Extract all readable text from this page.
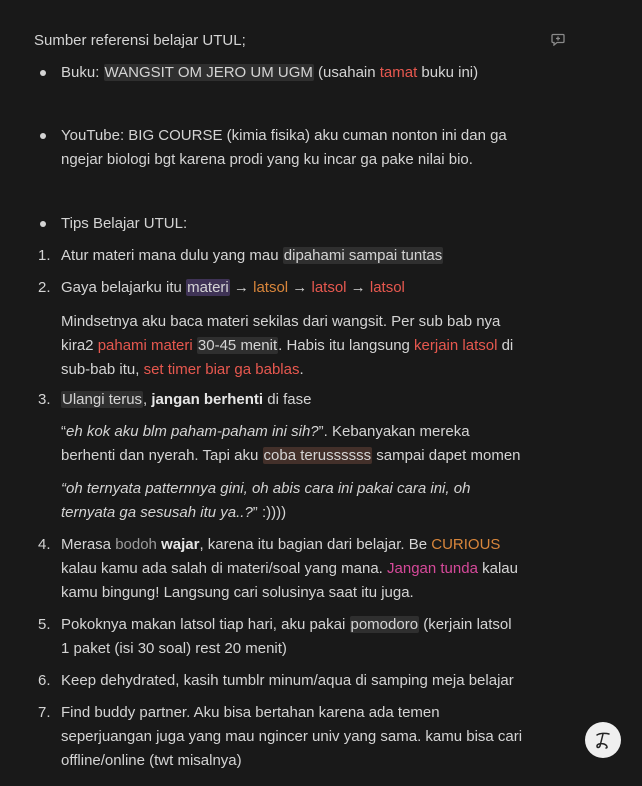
Sumber referensi belajar UTUL;
Buku: WANGSIT OM JERO UM UGM (usahain tamat buku ini)
YouTube: BIG COURSE (kimia fisika) aku cuman nonton ini dan ga
ngejar biologi bgt karena prodi yang ku incar ga pake nilai bio.
Tips Belajar UTUL:
1. Atur materi mana dulu yang mau dipahami sampai tuntas
2. Gaya belajarku itu materi → latsol → latsol → latsol
Mindsetnya aku baca materi sekilas dari wangsit. Per sub bab nya
kira2 pahami materi 30-45 menit. Habis itu langsung kerjain latsol di
sub-bab itu, set timer biar ga bablas.
3. Ulangi terus, jangan berhenti di fase
“eh kok aku blm paham-paham ini sih?”. Kebanyakan mereka
berhenti dan nyerah. Tapi aku coba terussssss sampai dapet momen
“oh ternyata patternnya gini, oh abis cara ini pakai cara ini, oh
ternyata ga sesusah itu ya..?” :))))
4. Merasa bodoh wajar, karena itu bagian dari belajar. Be CURIOUS
kalau kamu ada salah di materi/soal yang mana. Jangan tunda kalau
kamu bingung! Langsung cari solusinya saat itu juga.
5. Pokoknya makan latsol tiap hari, aku pakai pomodoro (kerjain latsol
1 paket (isi 30 soal) rest 20 menit)
6. Keep dehydrated, kasih tumblr minum/aqua di samping meja belajar
7. Find buddy partner. Aku bisa bertahan karena ada temen
seperjuangan juga yang mau ngincer univ yang sama. kamu bisa cari
offline/online (twt misalnya)
